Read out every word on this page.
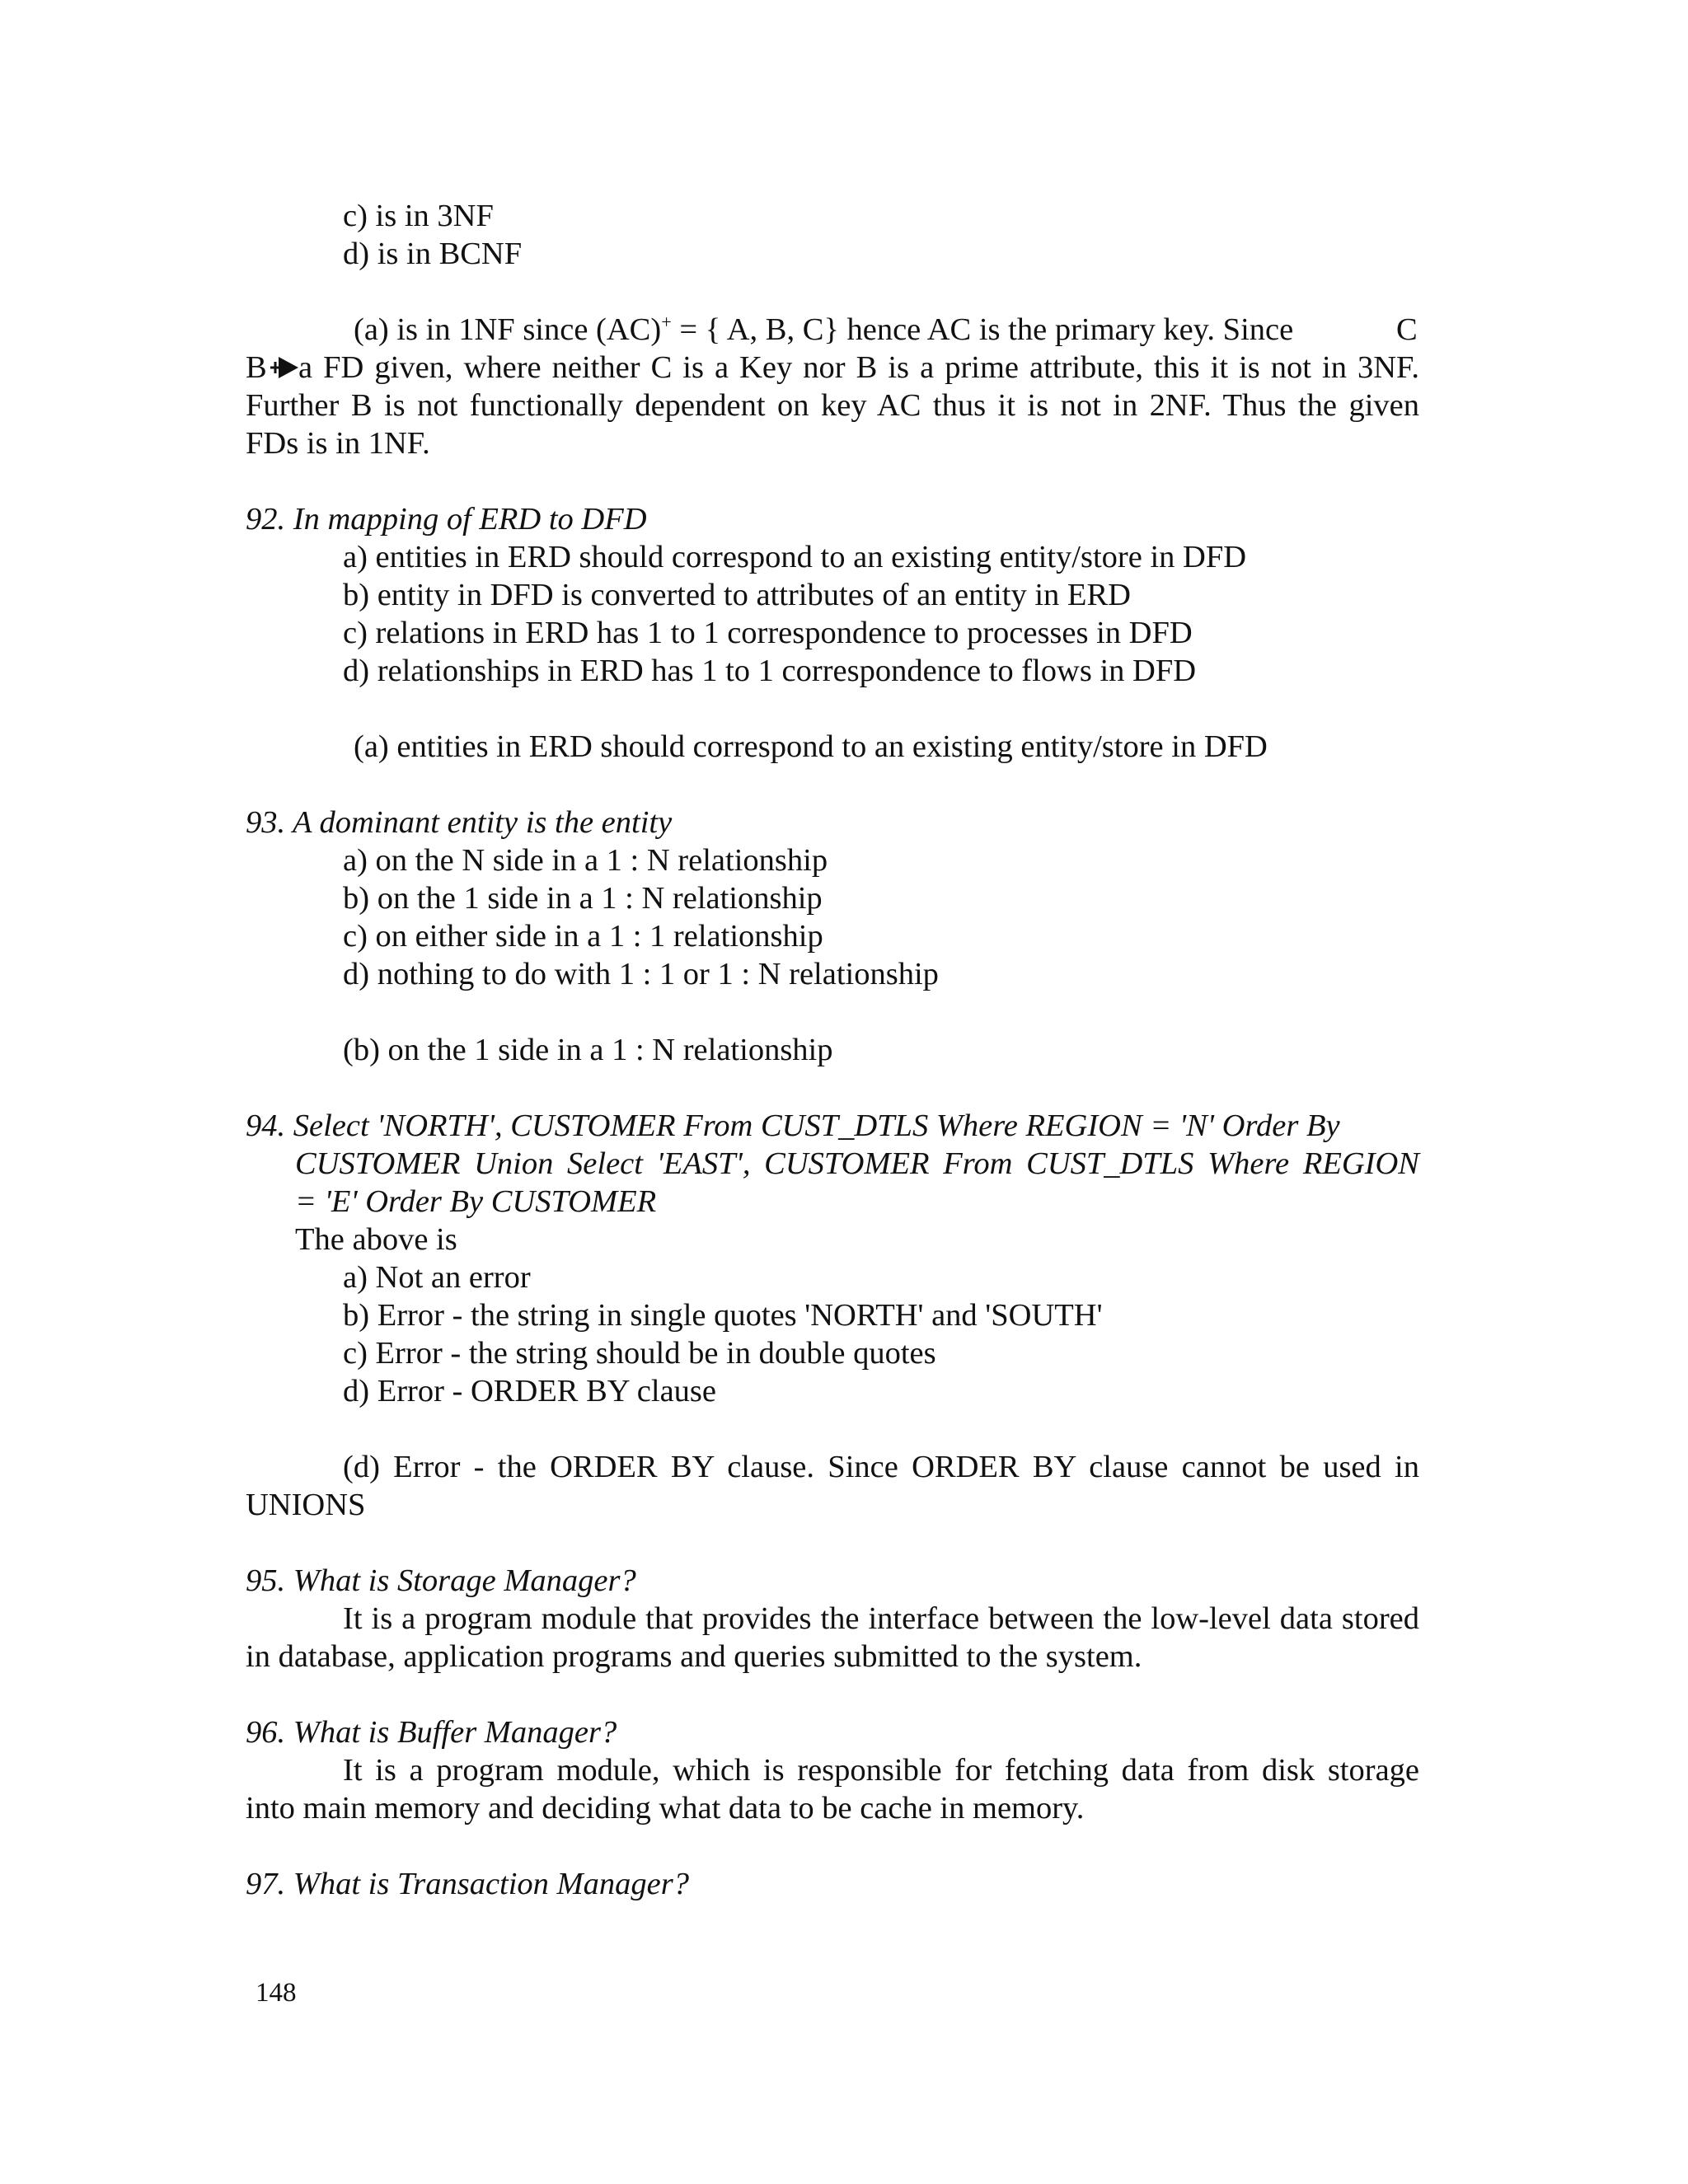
c) is in 3NF
d) is in BCNF
(a) is in 1NF since (AC)+ = { A, B, C} hence AC is the primary key. Since	C
B a FD given, where neither C is a Key nor B is a prime attribute, this it is not in 3NF.
Further B is not functionally dependent on key AC thus it is not in 2NF. Thus the given
FDs is in 1NF.
92. In mapping of ERD to DFD
a) entities in ERD should correspond to an existing entity/store in DFD
b) entity in DFD is converted to attributes of an entity in ERD
c) relations in ERD has 1 to 1 correspondence to processes in DFD
d) relationships in ERD has 1 to 1 correspondence to flows in DFD
(a) entities in ERD should correspond to an existing entity/store in DFD
93. A dominant entity is the entity
a) on the N side in a 1 : N relationship
b) on the 1 side in a 1 : N relationship
c) on either side in a 1 : 1 relationship
d) nothing to do with 1 : 1 or 1 : N relationship
(b) on the 1 side in a 1 : N relationship
94. Select 'NORTH', CUSTOMER From CUST_DTLS Where REGION = 'N' Order By
CUSTOMER Union Select 'EAST', CUSTOMER From CUST_DTLS Where REGION
= 'E' Order By CUSTOMER
The above is
a) Not an error
b) Error - the string in single quotes 'NORTH' and 'SOUTH'
c) Error - the string should be in double quotes
d) Error - ORDER BY clause
(d) Error - the ORDER BY clause. Since ORDER BY clause cannot be used in
UNIONS
95. What is Storage Manager?
It is a program module that provides the interface between the low-level data stored
in database, application programs and queries submitted to the system.
96. What is Buffer Manager?
It is a program module, which is responsible for fetching data from disk storage
into main memory and deciding what data to be cache in memory.
97. What is Transaction Manager?
148
